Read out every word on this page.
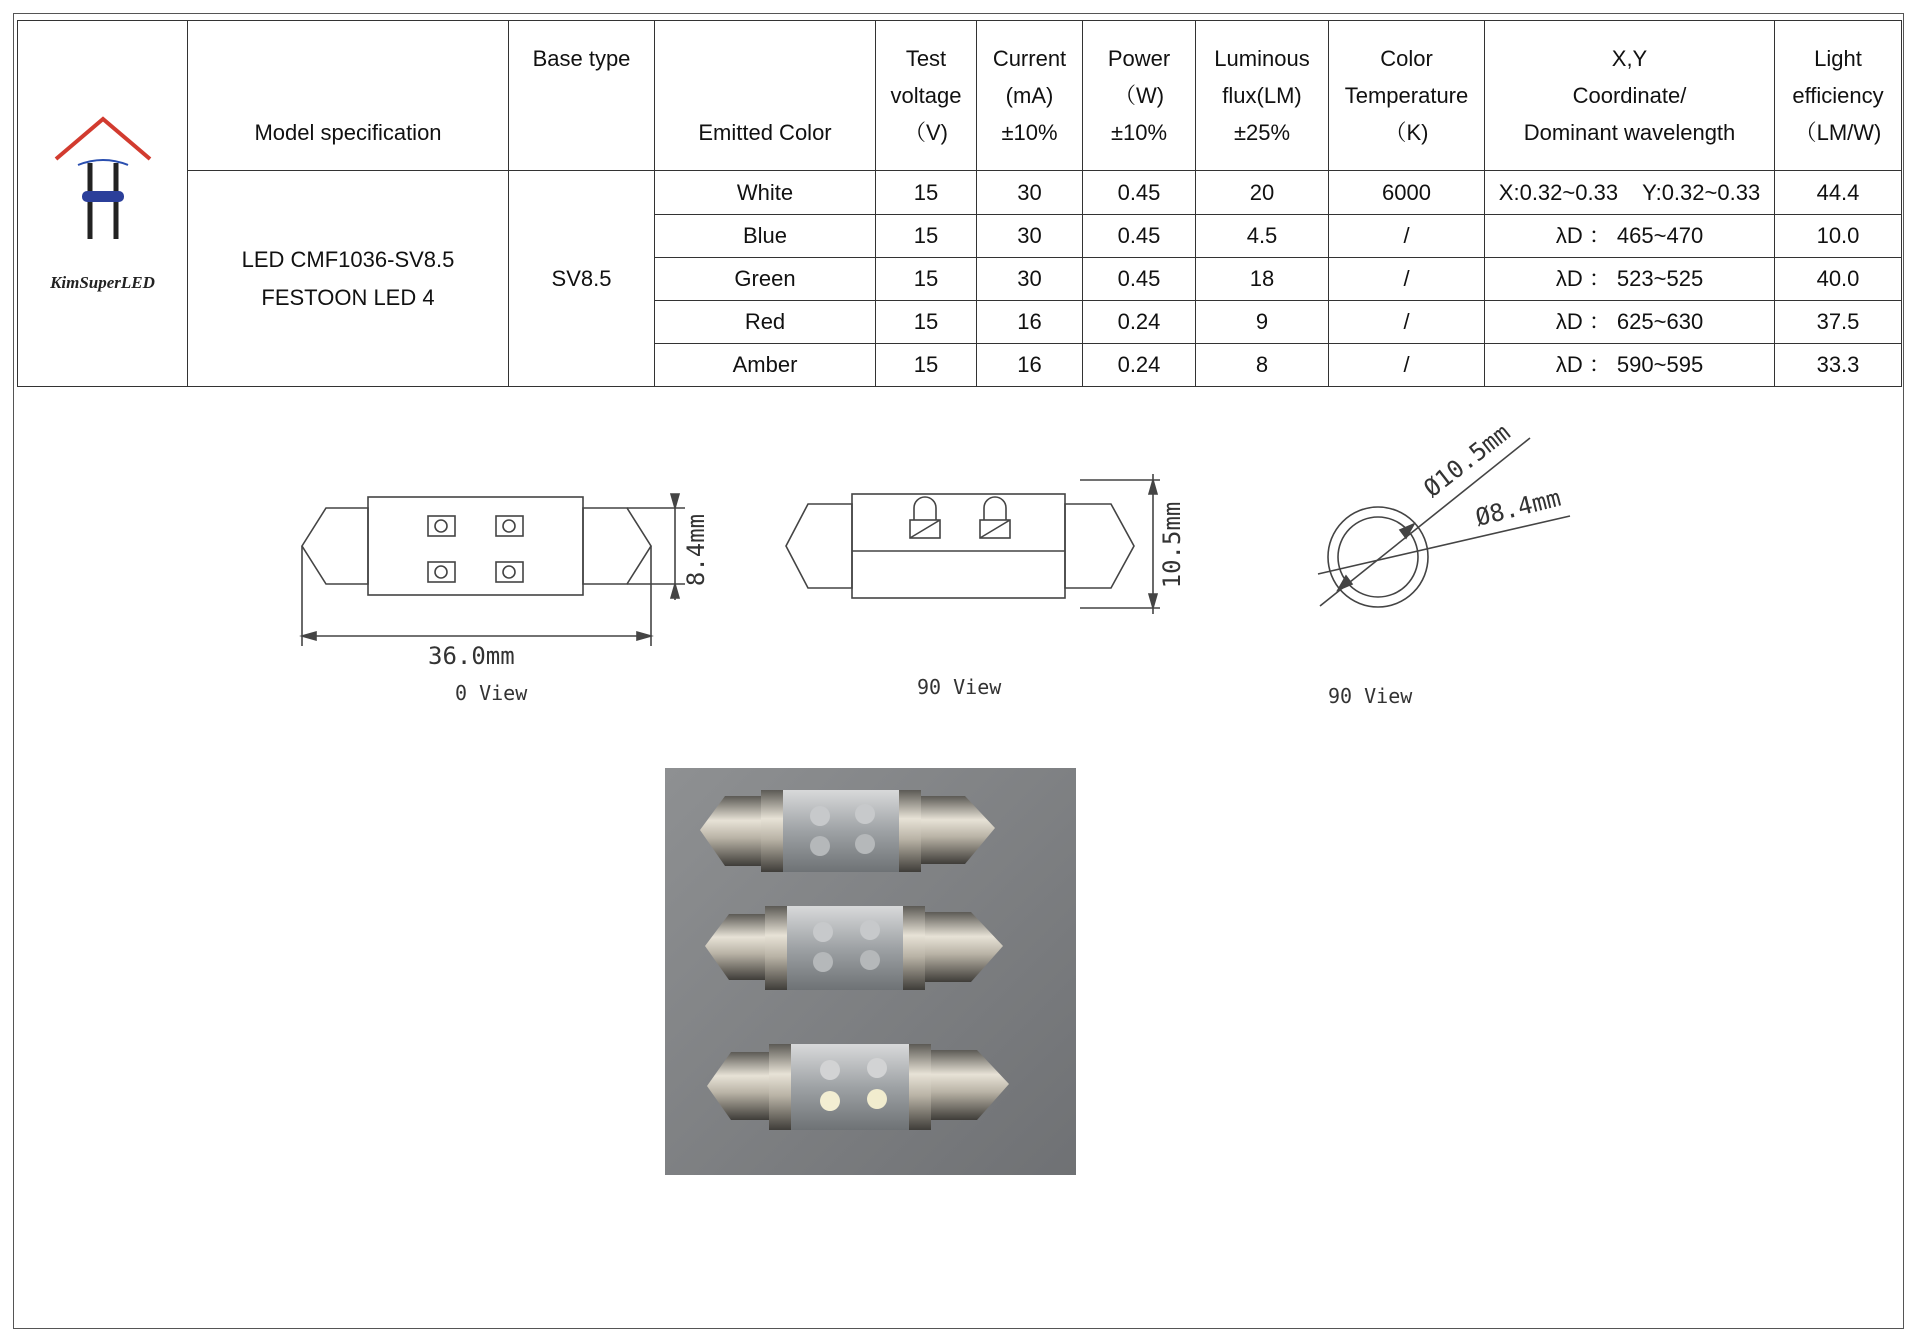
KimSuperLED	Model specification	Base type	Emitted Color	Test
voltage
（V)	Current
(mA)
±10%	Power
（W)
±10%	Luminous
flux(LM)
±25%	Color
Temperature
（K)	X,Y
Coordinate/
Dominant wavelength	Light
efficiency
（LM/W)

	LED CMF1036-SV8.5
FESTOON LED 4	SV8.5	White	15	30	0.45	20	6000	X:0.32~0.33    Y:0.32~0.33	44.4
			Blue	15	30	0.45	4.5	/	λD ： 465~470	10.0
			Green	15	30	0.45	18	/	λD ： 523~525	40.0
			Red	15	16	0.24	9	/	λD ： 625~630	37.5
			Amber	15	16	0.24	8	/	λD ： 590~595	33.3
36.0mm
0 View
8.4mm
90 View
10.5mm
Ø10.5mm
Ø8.4mm
90 View
